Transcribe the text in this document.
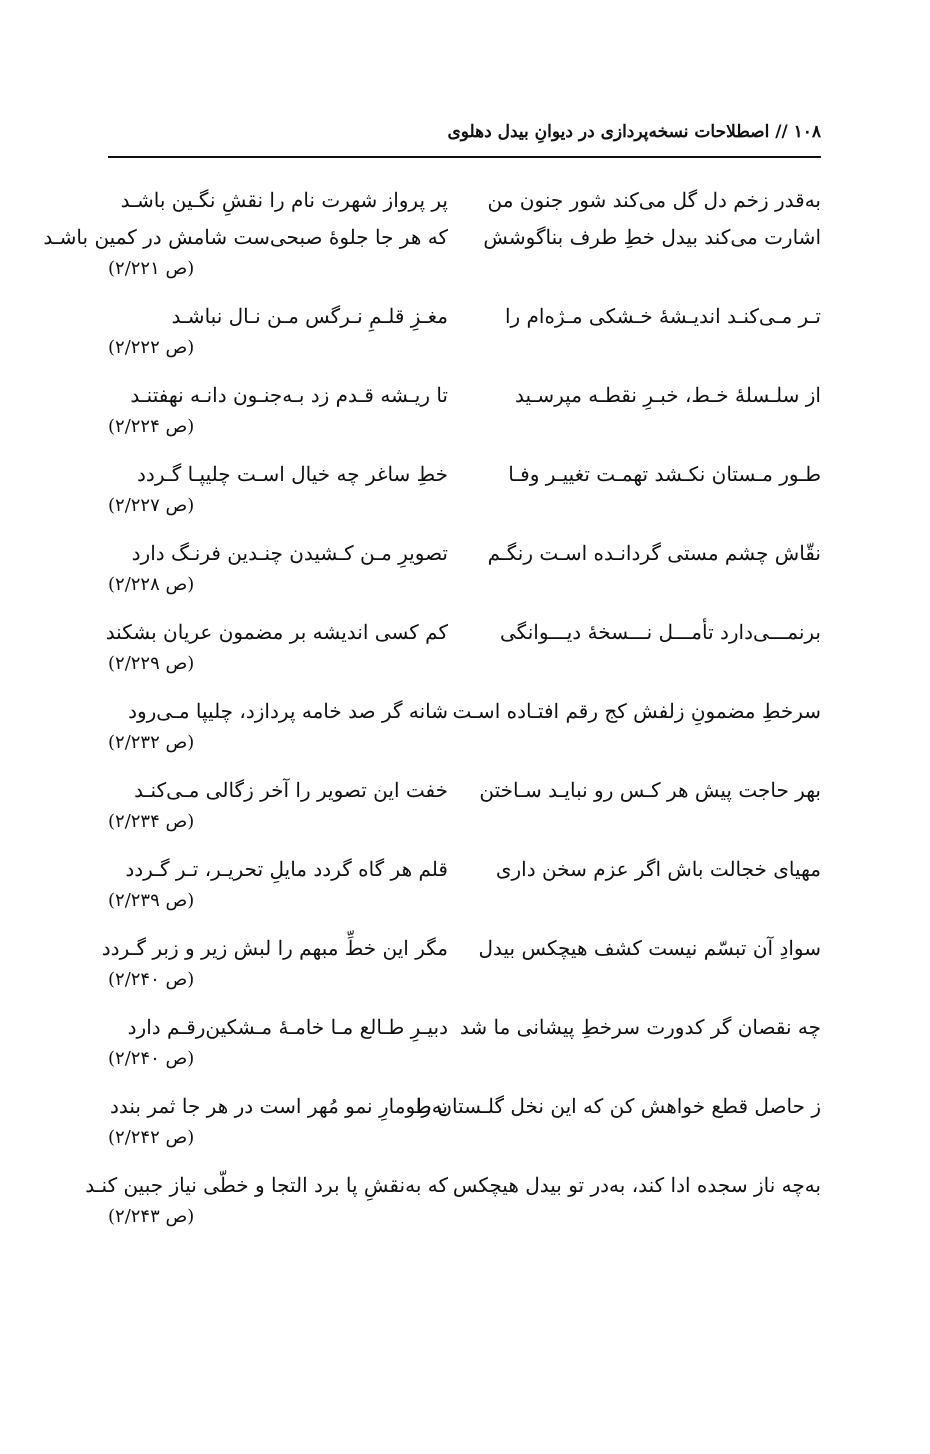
۱۰۸ // اصطلاحات نسخه‌پردازی در دیوانِ بیدل دهلوی
به‌قدر زخم دل گل می‌کند شور جنون من
پر پرواز شهرت نام را نقشِ نگـین باشـد
اشارت می‌کند بیدل خطِ طرف بناگوشش
که هر جا جلوهٔ صبحی‌ست شامش در کمین باشـد
(ص ۲/۲۲۱)
تـر مـی‌کنـد اندیـشهٔ خـشکی مـژه‌ام را
مغـزِ قلـمِ نـرگس مـن نـال نباشـد
(ص ۲/۲۲۲)
از سلـسلهٔ خـط، خبـرِ نقطـه مپرسـید
تا ریـشه قـدم زد بـه‌جنـون دانـه نهفتنـد
(ص ۲/۲۲۴)
طـور مـستان نکـشد تهمـت تغییـر وفـا
خطِ ساغر چه خیال اسـت چلیپـا گـردد
(ص ۲/۲۲۷)
نقّاش چشم مستی گردانـده اسـت رنگـم
تصویرِ مـن کـشیدن چنـدین فرنـگ دارد
(ص ۲/۲۲۸)
برنمـــی‌دارد تأمـــل نـــسخهٔ دیـــوانگی
کم کسی اندیشه بر مضمون عریان بشکند
(ص ۲/۲۲۹)
سرخطِ مضمونِ زلفش کج رقم افتـاده اسـت
شانه گر صد خامه پردازد، چلیپا مـی‌رود
(ص ۲/۲۳۲)
بهر حاجت پیش هر کـس رو نبایـد سـاختن
خفت این تصویر را آخر زگالی مـی‌کنـد
(ص ۲/۲۳۴)
مهیای خجالت باش اگر عزم سخن داری
قلم هر گاه گردد مایلِ تحریـر، تـر گـردد
(ص ۲/۲۳۹)
سوادِ آن تبسّم نیست کشف هیچکس بیدل
مگر این خطِّ مبهم را لبش زیر و زبر گـردد
(ص ۲/۲۴۰)
چه نقصان گر کدورت سرخطِ پیشانی ما شد
دبیـرِ طـالع مـا خامـهٔ مـشکین‌رقـم دارد
(ص ۲/۲۴۰)
ز حاصل قطع خواهش کن که این نخل گلـستان را
به‌طومارِ نمو مُهر است در هر جا ثمر بندد
(ص ۲/۲۴۲)
به‌چه ناز سجده ادا کند، به‌در تو بیدل هیچکس
که به‌نقشِ پا برد التجا و خطّی نیاز جبین کنـد
(ص ۲/۲۴۳)
